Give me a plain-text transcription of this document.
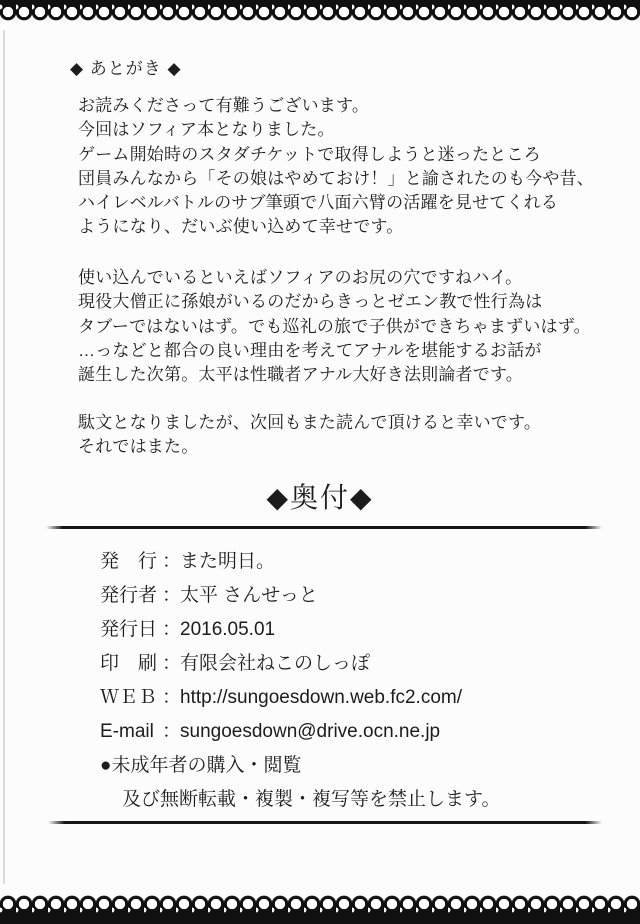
◆ あとがき ◆
お読みくださって有難うございます。
今回はソフィア本となりました。
ゲーム開始時のスタダチケットで取得しようと迷ったところ
団員みんなから「その娘はやめておけ！」と諭されたのも今や昔、
ハイレベルバトルのサブ筆頭で八面六臂の活躍を見せてくれる
ようになり、だいぶ使い込めて幸せです。
使い込んでいるといえばソフィアのお尻の穴ですねハイ。
現役大僧正に孫娘がいるのだからきっとゼエン教で性行為は
タブーではないはず。でも巡礼の旅で子供ができちゃまずいはず。
…っなどと都合の良い理由を考えてアナルを堪能するお話が
誕生した次第。太平は性職者アナル大好き法則論者です。
駄文となりましたが、次回もまた読んで頂けると幸いです。
それではまた。
◆奥付◆
発　行 ：また明日。
発行者 ：太平 さんせっと
発行日 ：2016.05.01
印　刷 ：有限会社ねこのしっぽ
ＷＥＢ ：http://sungoesdown.web.fc2.com/
E-mail ：sungoesdown@drive.ocn.ne.jp
●未成年者の購入・閲覧
及び無断転載・複製・複写等を禁止します。
